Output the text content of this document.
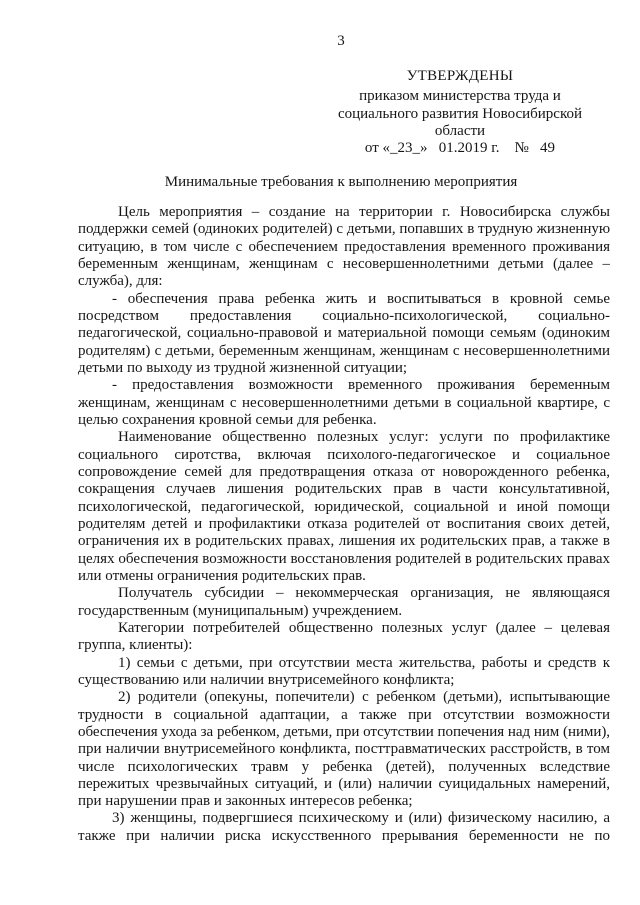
3
УТВЕРЖДЕНЫ
приказом министерства труда и
социального развития Новосибирской
области
от «_23_»   01.2019 г.    №   49
Минимальные требования к выполнению мероприятия
Цель мероприятия – создание на территории г. Новосибирска службы
поддержки семей (одиноких родителей) с детьми, попавших в трудную жизненную
ситуацию, в том числе с обеспечением предоставления временного проживания
беременным женщинам, женщинам с несовершеннолетними детьми (далее –
служба), для:
- обеспечения права ребенка жить и воспитываться в кровной семье
посредством предоставления социально-психологической, социально-
педагогической, социально-правовой и материальной помощи семьям (одиноким
родителям) с детьми, беременным женщинам, женщинам с несовершеннолетними
детьми по выходу из трудной жизненной ситуации;
- предоставления возможности временного проживания беременным
женщинам, женщинам с несовершеннолетними детьми в социальной квартире, с
целью сохранения кровной семьи для ребенка.
Наименование общественно полезных услуг: услуги по профилактике
социального сиротства, включая психолого-педагогическое и социальное
сопровождение семей для предотвращения отказа от новорожденного ребенка,
сокращения случаев лишения родительских прав в части консультативной,
психологической, педагогической, юридической, социальной и иной помощи
родителям детей и профилактики отказа родителей от воспитания своих детей,
ограничения их в родительских правах, лишения их родительских прав, а также в
целях обеспечения возможности восстановления родителей в родительских правах
или отмены ограничения родительских прав.
Получатель субсидии – некоммерческая организация, не являющаяся
государственным (муниципальным) учреждением.
Категории потребителей общественно полезных услуг (далее – целевая
группа, клиенты):
1) семьи с детьми, при отсутствии места жительства, работы и средств к
существованию или наличии внутрисемейного конфликта;
2) родители (опекуны, попечители) с ребенком (детьми), испытывающие
трудности в социальной адаптации, а также при отсутствии возможности
обеспечения ухода за ребенком, детьми, при отсутствии попечения над ним (ними),
при наличии внутрисемейного конфликта, посттравматических расстройств, в том
числе психологических травм у ребенка (детей), полученных вследствие
пережитых чрезвычайных ситуаций, и (или) наличии суицидальных намерений,
при нарушении прав и законных интересов ребенка;
3) женщины, подвергшиеся психическому и (или) физическому насилию, а
также при наличии риска искусственного прерывания беременности не по
